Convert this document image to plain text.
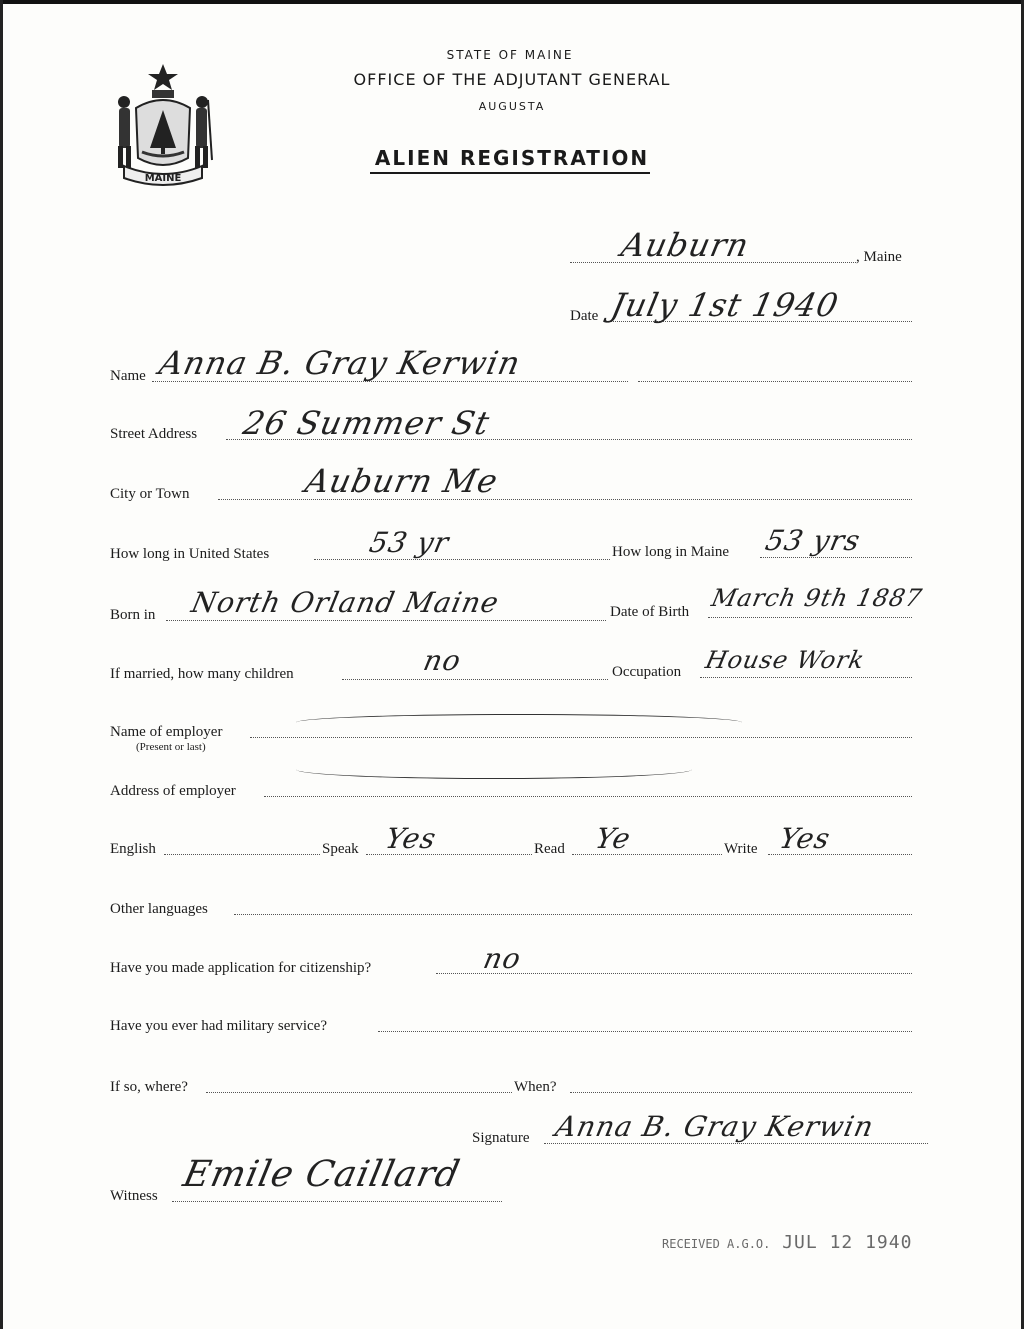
MAINE
STATE OF MAINE
OFFICE OF THE ADJUTANT GENERAL
AUGUSTA
ALIEN REGISTRATION
Auburn	, Maine
Date July 1st 1940
Name Anna B. Gray Kerwin
Street Address 26 Summer St
City or Town	Auburn Me
How long in United States	53 yr	How long in Maine 53 yrs
Born in North Orland Maine	Date of Birth March 9th 1887
If married, how many children	no	Occupation House Work
Name of employer
(Present or last)
Address of employer
English	Speak Yes	Read Ye	Write Yes
Other languages
Have you made application for citizenship?	no
Have you ever had military service?
If so, where?	When?
Signature Anna B. Gray Kerwin
Witness
Emile Caillard
RECEIVED A.G.O. JUL 12 1940
